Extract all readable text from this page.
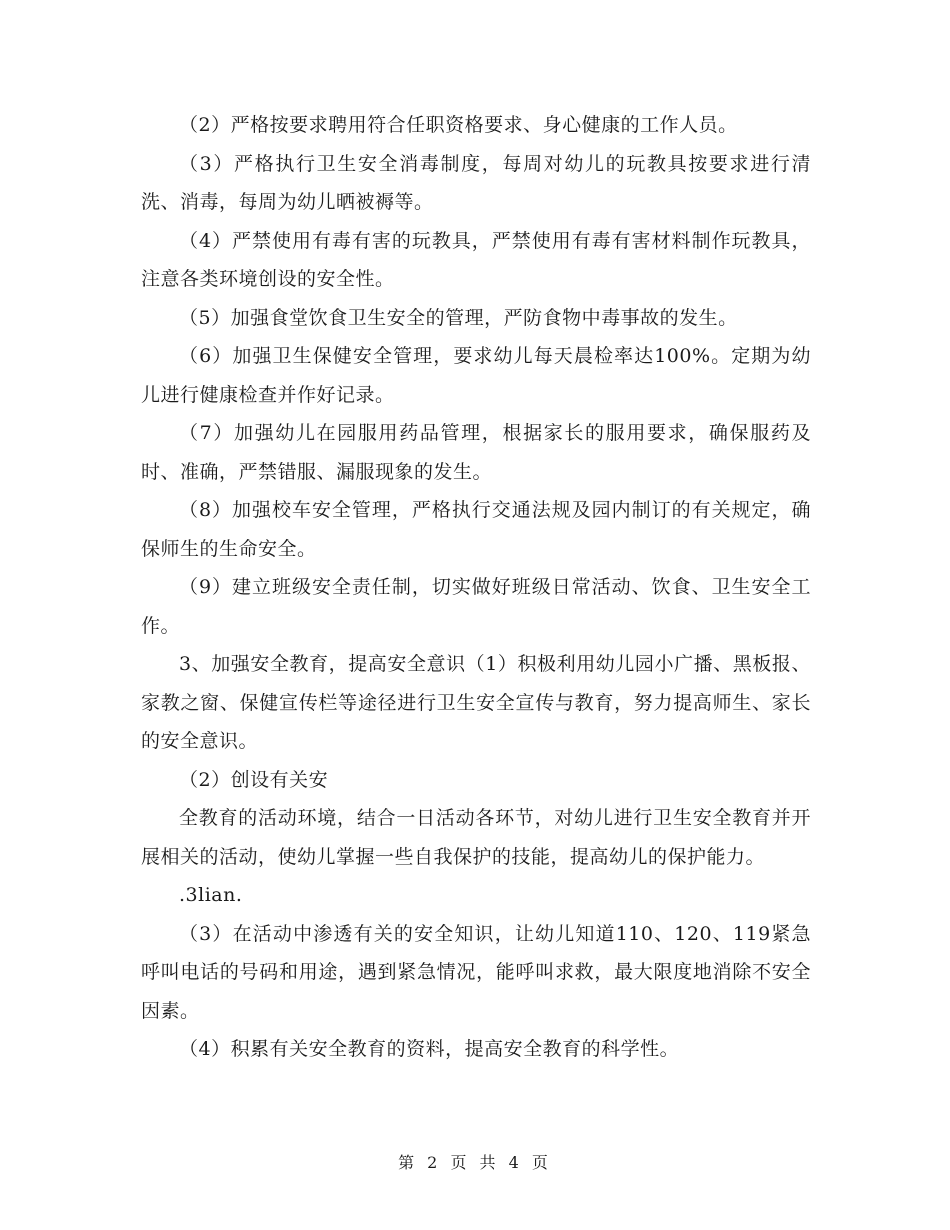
（2）严格按要求聘用符合任职资格要求、身心健康的工作人员。

（3）严格执行卫生安全消毒制度，每周对幼儿的玩教具按要求进行清洗、消毒，每周为幼儿晒被褥等。

（4）严禁使用有毒有害的玩教具，严禁使用有毒有害材料制作玩教具，注意各类环境创设的安全性。

（5）加强食堂饮食卫生安全的管理，严防食物中毒事故的发生。

（6）加强卫生保健安全管理，要求幼儿每天晨检率达100%。定期为幼儿进行健康检查并作好记录。

（7）加强幼儿在园服用药品管理，根据家长的服用要求，确保服药及时、准确，严禁错服、漏服现象的发生。

（8）加强校车安全管理，严格执行交通法规及园内制订的有关规定，确保师生的生命安全。

（9）建立班级安全责任制，切实做好班级日常活动、饮食、卫生安全工作。

3、加强安全教育，提高安全意识（1）积极利用幼儿园小广播、黑板报、家教之窗、保健宣传栏等途径进行卫生安全宣传与教育，努力提高师生、家长的安全意识。

（2）创设有关安

全教育的活动环境，结合一日活动各环节，对幼儿进行卫生安全教育并开展相关的活动，使幼儿掌握一些自我保护的技能，提高幼儿的保护能力。

.3lian.

（3）在活动中渗透有关的安全知识，让幼儿知道110、120、119紧急呼叫电话的号码和用途，遇到紧急情况，能呼叫求救，最大限度地消除不安全因素。

（4）积累有关安全教育的资料，提高安全教育的科学性。

第 2 页 共 4 页
